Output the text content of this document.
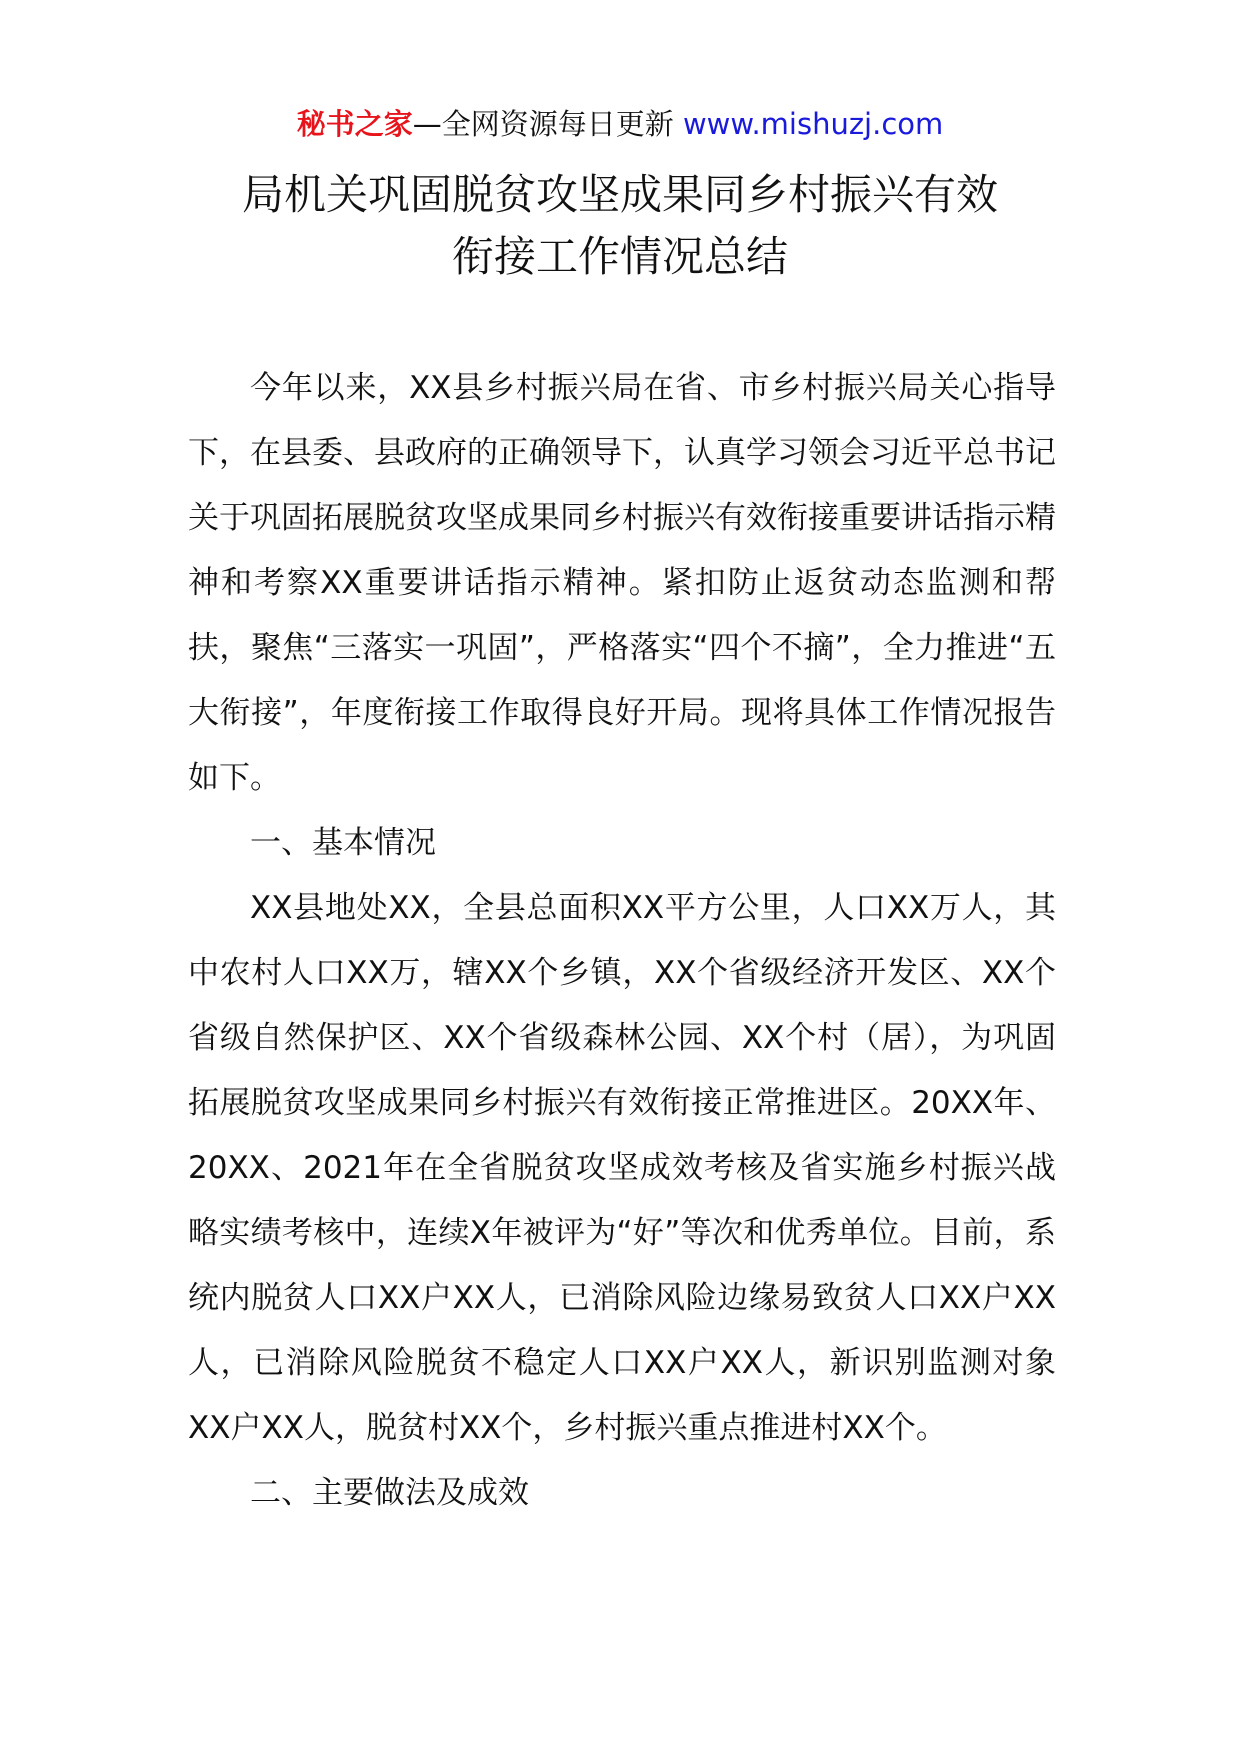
秘书之家—全网资源每日更新 www.mishuzj.com
局机关巩固脱贫攻坚成果同乡村振兴有效
衔接工作情况总结

今年以来，XX县乡村振兴局在省、市乡村振兴局关心指导下，在县委、县政府的正确领导下，认真学习领会习近平总书记关于巩固拓展脱贫攻坚成果同乡村振兴有效衔接重要讲话指示精神和考察XX重要讲话指示精神。紧扣防止返贫动态监测和帮扶，聚焦“三落实一巩固”，严格落实“四个不摘”，全力推进“五大衔接”，年度衔接工作取得良好开局。现将具体工作情况报告如下。

一、基本情况

XX县地处XX，全县总面积XX平方公里，人口XX万人，其中农村人口XX万，辖XX个乡镇，XX个省级经济开发区、XX个省级自然保护区、XX个省级森林公园、XX个村（居），为巩固拓展脱贫攻坚成果同乡村振兴有效衔接正常推进区。20XX年、20XX、2021年在全省脱贫攻坚成效考核及省实施乡村振兴战略实绩考核中，连续X年被评为“好”等次和优秀单位。目前，系统内脱贫人口XX户XX人，已消除风险边缘易致贫人口XX户XX人，已消除风险脱贫不稳定人口XX户XX人，新识别监测对象XX户XX人，脱贫村XX个，乡村振兴重点推进村XX个。

二、主要做法及成效
